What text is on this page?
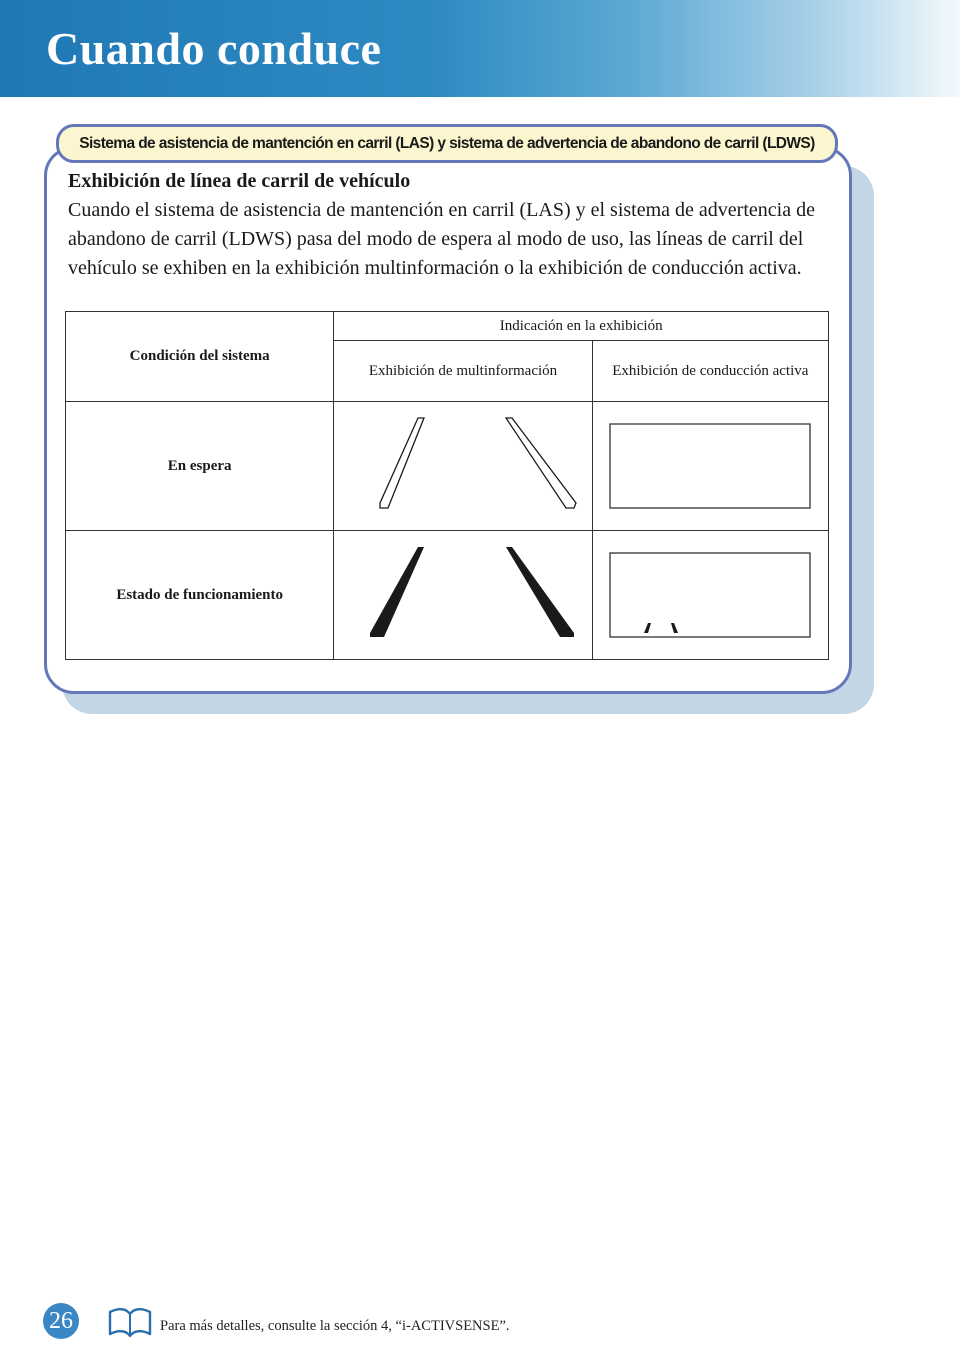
Cuando conduce
Sistema de asistencia de mantención en carril (LAS) y sistema de advertencia de abandono de carril (LDWS)
Exhibición de línea de carril de vehículo
Cuando el sistema de asistencia de mantención en carril (LAS) y el sistema de advertencia de abandono de carril (LDWS) pasa del modo de espera al modo de uso, las líneas de carril del vehículo se exhiben en la exhibición multinformación o la exhibición de conducción activa.
Condición del sistema	Indicación en la exhibición	
	Exhibición de multinformación	Exhibición de conducción activa
En espera	

Estado de funcionamiento	

26	Para más detalles, consulte la sección 4, “i-ACTIVSENSE”.
